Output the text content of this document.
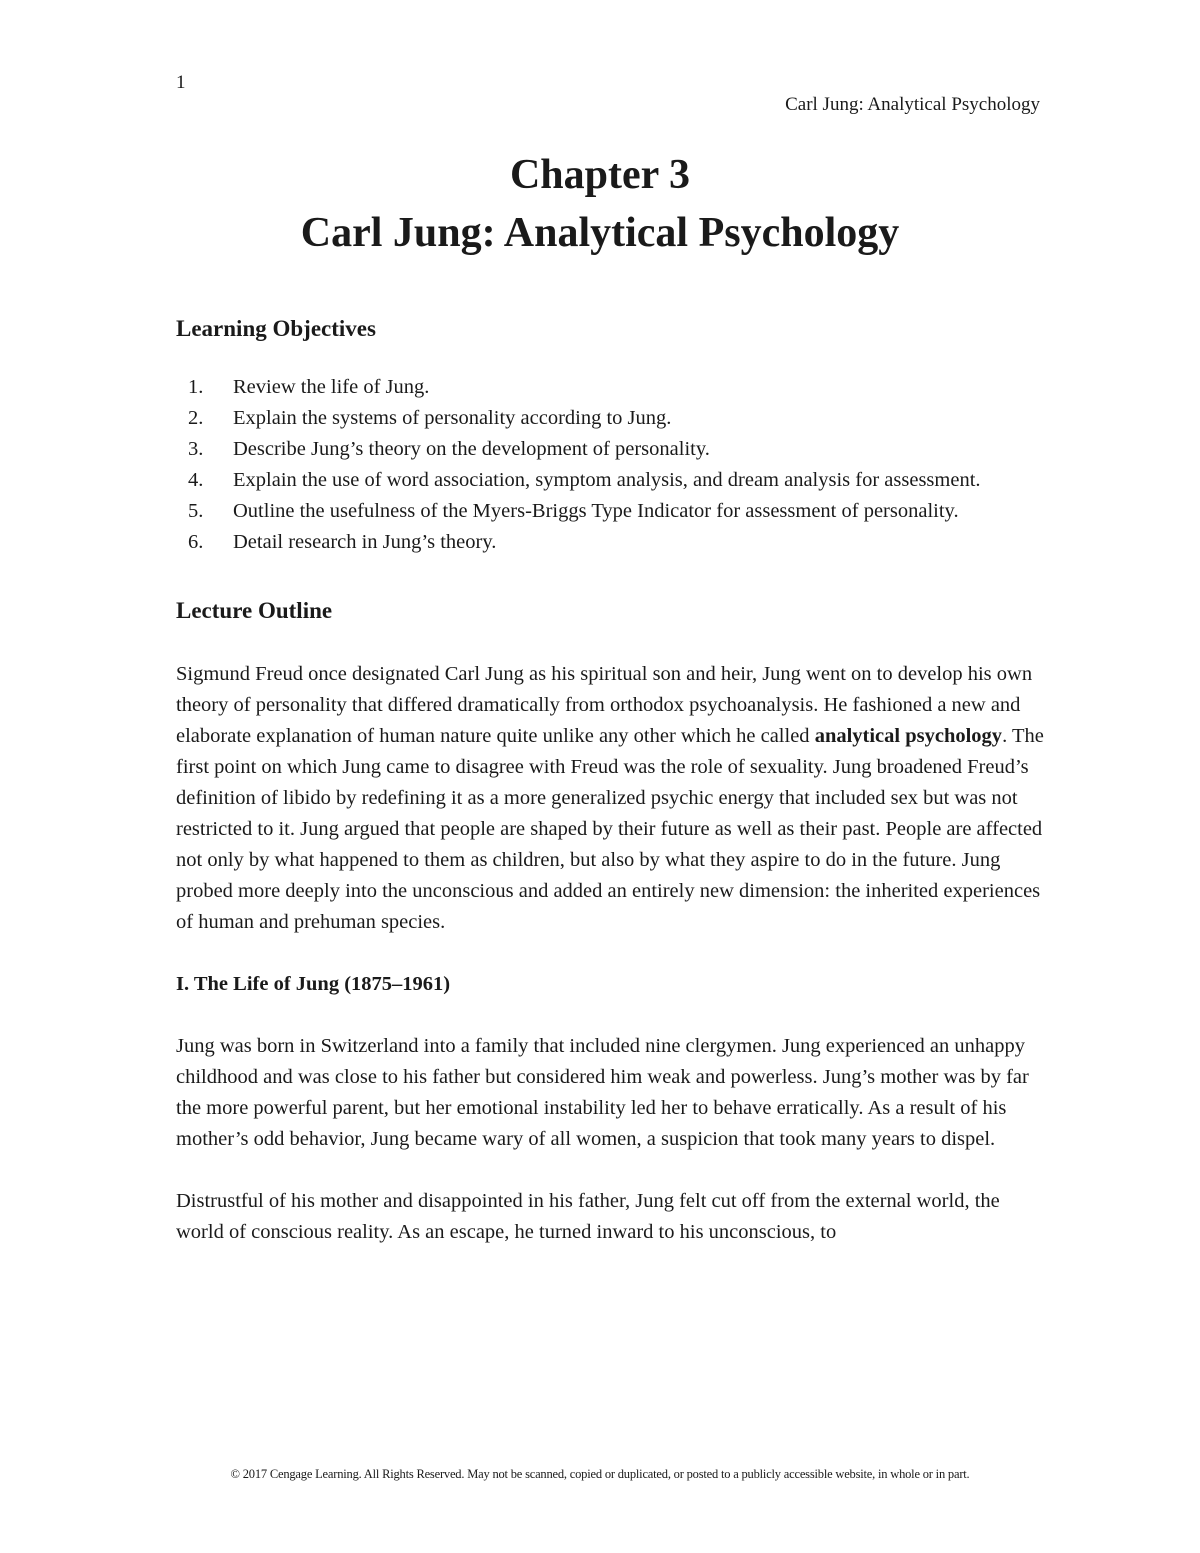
1
Carl Jung: Analytical Psychology
Chapter 3
Carl Jung: Analytical Psychology
Learning Objectives
1.	Review the life of Jung.
2.	Explain the systems of personality according to Jung.
3.	Describe Jung’s theory on the development of personality.
4.	Explain the use of word association, symptom analysis, and dream analysis for assessment.
5.	Outline the usefulness of the Myers-Briggs Type Indicator for assessment of personality.
6.	Detail research in Jung’s theory.
Lecture Outline

Sigmund Freud once designated Carl Jung as his spiritual son and heir, Jung went on to develop his own theory of personality that differed dramatically from orthodox psychoanalysis. He fashioned a new and elaborate explanation of human nature quite unlike any other which he called analytical psychology. The first point on which Jung came to disagree with Freud was the role of sexuality. Jung broadened Freud’s definition of libido by redefining it as a more generalized psychic energy that included sex but was not restricted to it. Jung argued that people are shaped by their future as well as their past. People are affected not only by what happened to them as children, but also by what they aspire to do in the future. Jung probed more deeply into the unconscious and added an entirely new dimension: the inherited experiences of human and prehuman species.

I. The Life of Jung (1875–1961)

Jung was born in Switzerland into a family that included nine clergymen. Jung experienced an unhappy childhood and was close to his father but considered him weak and powerless. Jung’s mother was by far the more powerful parent, but her emotional instability led her to behave erratically. As a result of his mother’s odd behavior, Jung became wary of all women, a suspicion that took many years to dispel.

Distrustful of his mother and disappointed in his father, Jung felt cut off from the external world, the world of conscious reality. As an escape, he turned inward to his unconscious, to

© 2017 Cengage Learning. All Rights Reserved. May not be scanned, copied or duplicated, or posted to a publicly accessible website, in whole or in part.
